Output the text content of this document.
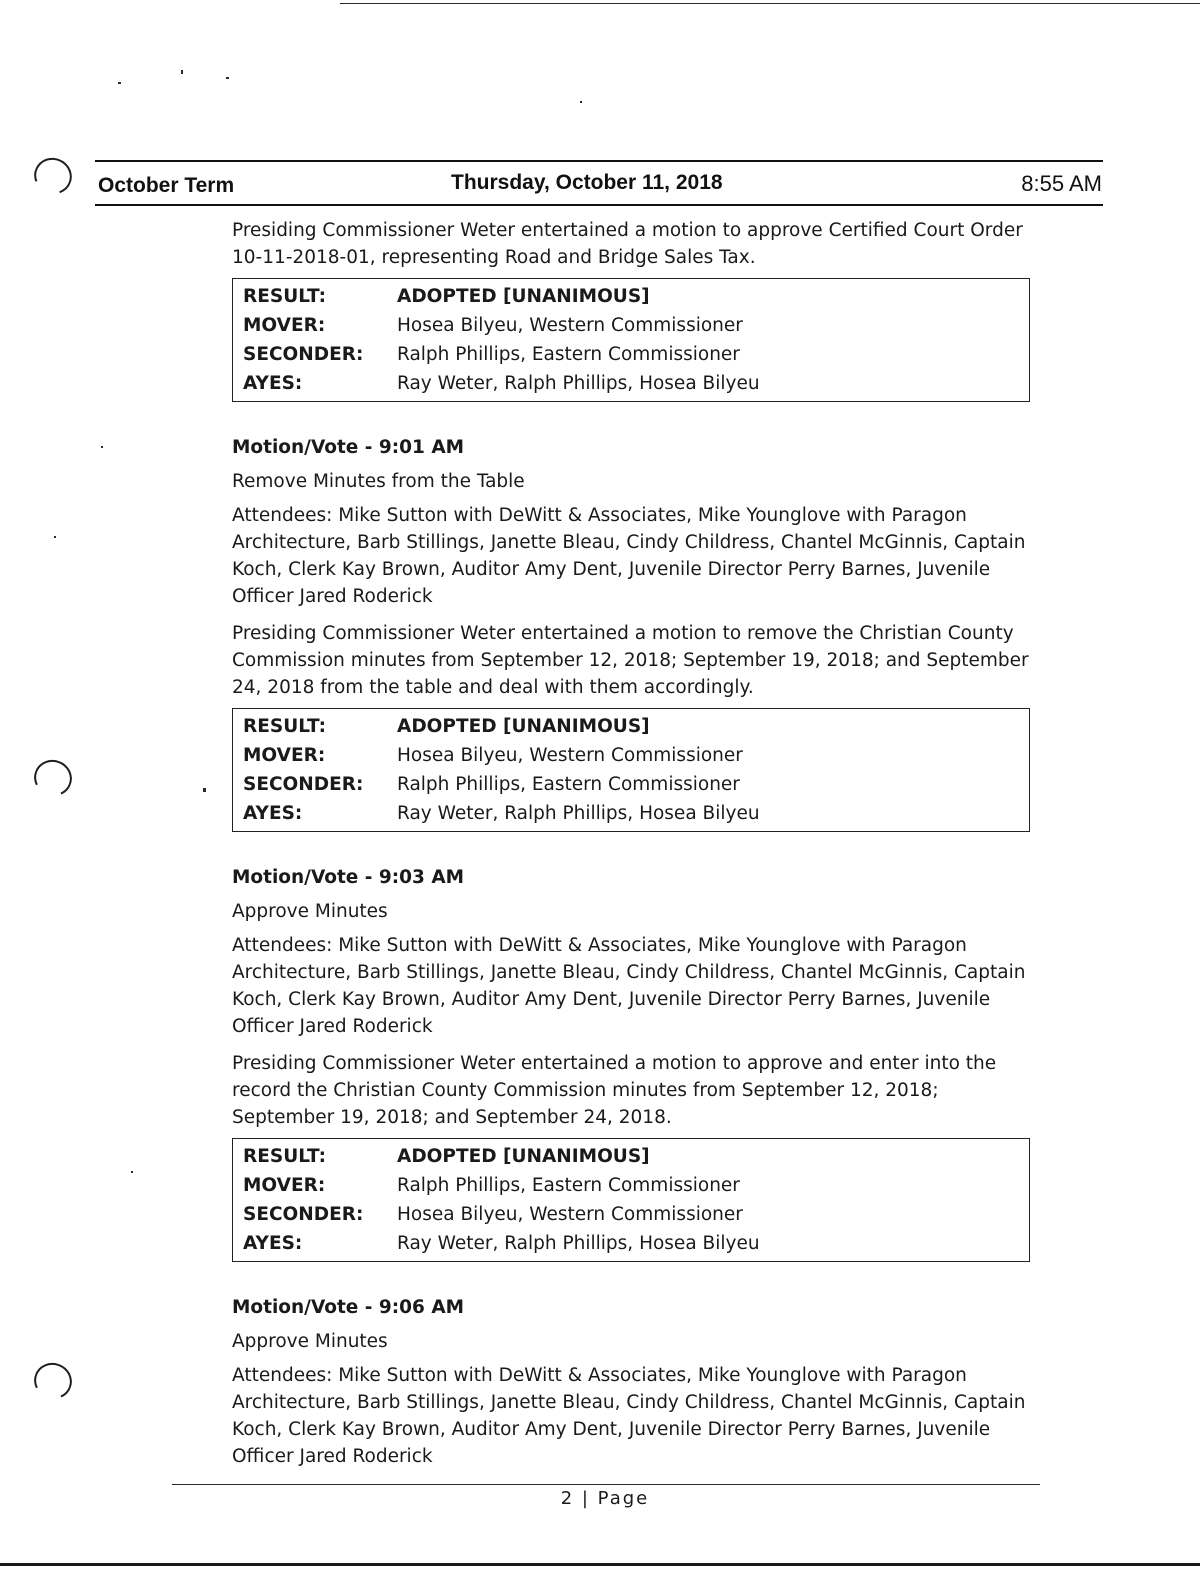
October Term	Thursday, October 11, 2018	8:55 AM

Presiding Commissioner Weter entertained a motion to approve Certified Court Order 10-11-2018-01, representing Road and Bridge Sales Tax.

RESULT:	ADOPTED [UNANIMOUS]
MOVER:	Hosea Bilyeu, Western Commissioner
SECONDER:	Ralph Phillips, Eastern Commissioner
AYES:	Ray Weter, Ralph Phillips, Hosea Bilyeu

Motion/Vote - 9:01 AM

Remove Minutes from the Table

Attendees: Mike Sutton with DeWitt & Associates, Mike Younglove with Paragon Architecture, Barb Stillings, Janette Bleau, Cindy Childress, Chantel McGinnis, Captain Koch, Clerk Kay Brown, Auditor Amy Dent, Juvenile Director Perry Barnes, Juvenile Officer Jared Roderick

Presiding Commissioner Weter entertained a motion to remove the Christian County Commission minutes from September 12, 2018; September 19, 2018; and September 24, 2018 from the table and deal with them accordingly.

RESULT:	ADOPTED [UNANIMOUS]
MOVER:	Hosea Bilyeu, Western Commissioner
SECONDER:	Ralph Phillips, Eastern Commissioner
AYES:	Ray Weter, Ralph Phillips, Hosea Bilyeu

Motion/Vote - 9:03 AM

Approve Minutes

Attendees: Mike Sutton with DeWitt & Associates, Mike Younglove with Paragon Architecture, Barb Stillings, Janette Bleau, Cindy Childress, Chantel McGinnis, Captain Koch, Clerk Kay Brown, Auditor Amy Dent, Juvenile Director Perry Barnes, Juvenile Officer Jared Roderick

Presiding Commissioner Weter entertained a motion to approve and enter into the record the Christian County Commission minutes from September 12, 2018; September 19, 2018; and September 24, 2018.

RESULT:	ADOPTED [UNANIMOUS]
MOVER:	Ralph Phillips, Eastern Commissioner
SECONDER:	Hosea Bilyeu, Western Commissioner
AYES:	Ray Weter, Ralph Phillips, Hosea Bilyeu

Motion/Vote - 9:06 AM

Approve Minutes

Attendees: Mike Sutton with DeWitt & Associates, Mike Younglove with Paragon Architecture, Barb Stillings, Janette Bleau, Cindy Childress, Chantel McGinnis, Captain Koch, Clerk Kay Brown, Auditor Amy Dent, Juvenile Director Perry Barnes, Juvenile Officer Jared Roderick

2 | Page
